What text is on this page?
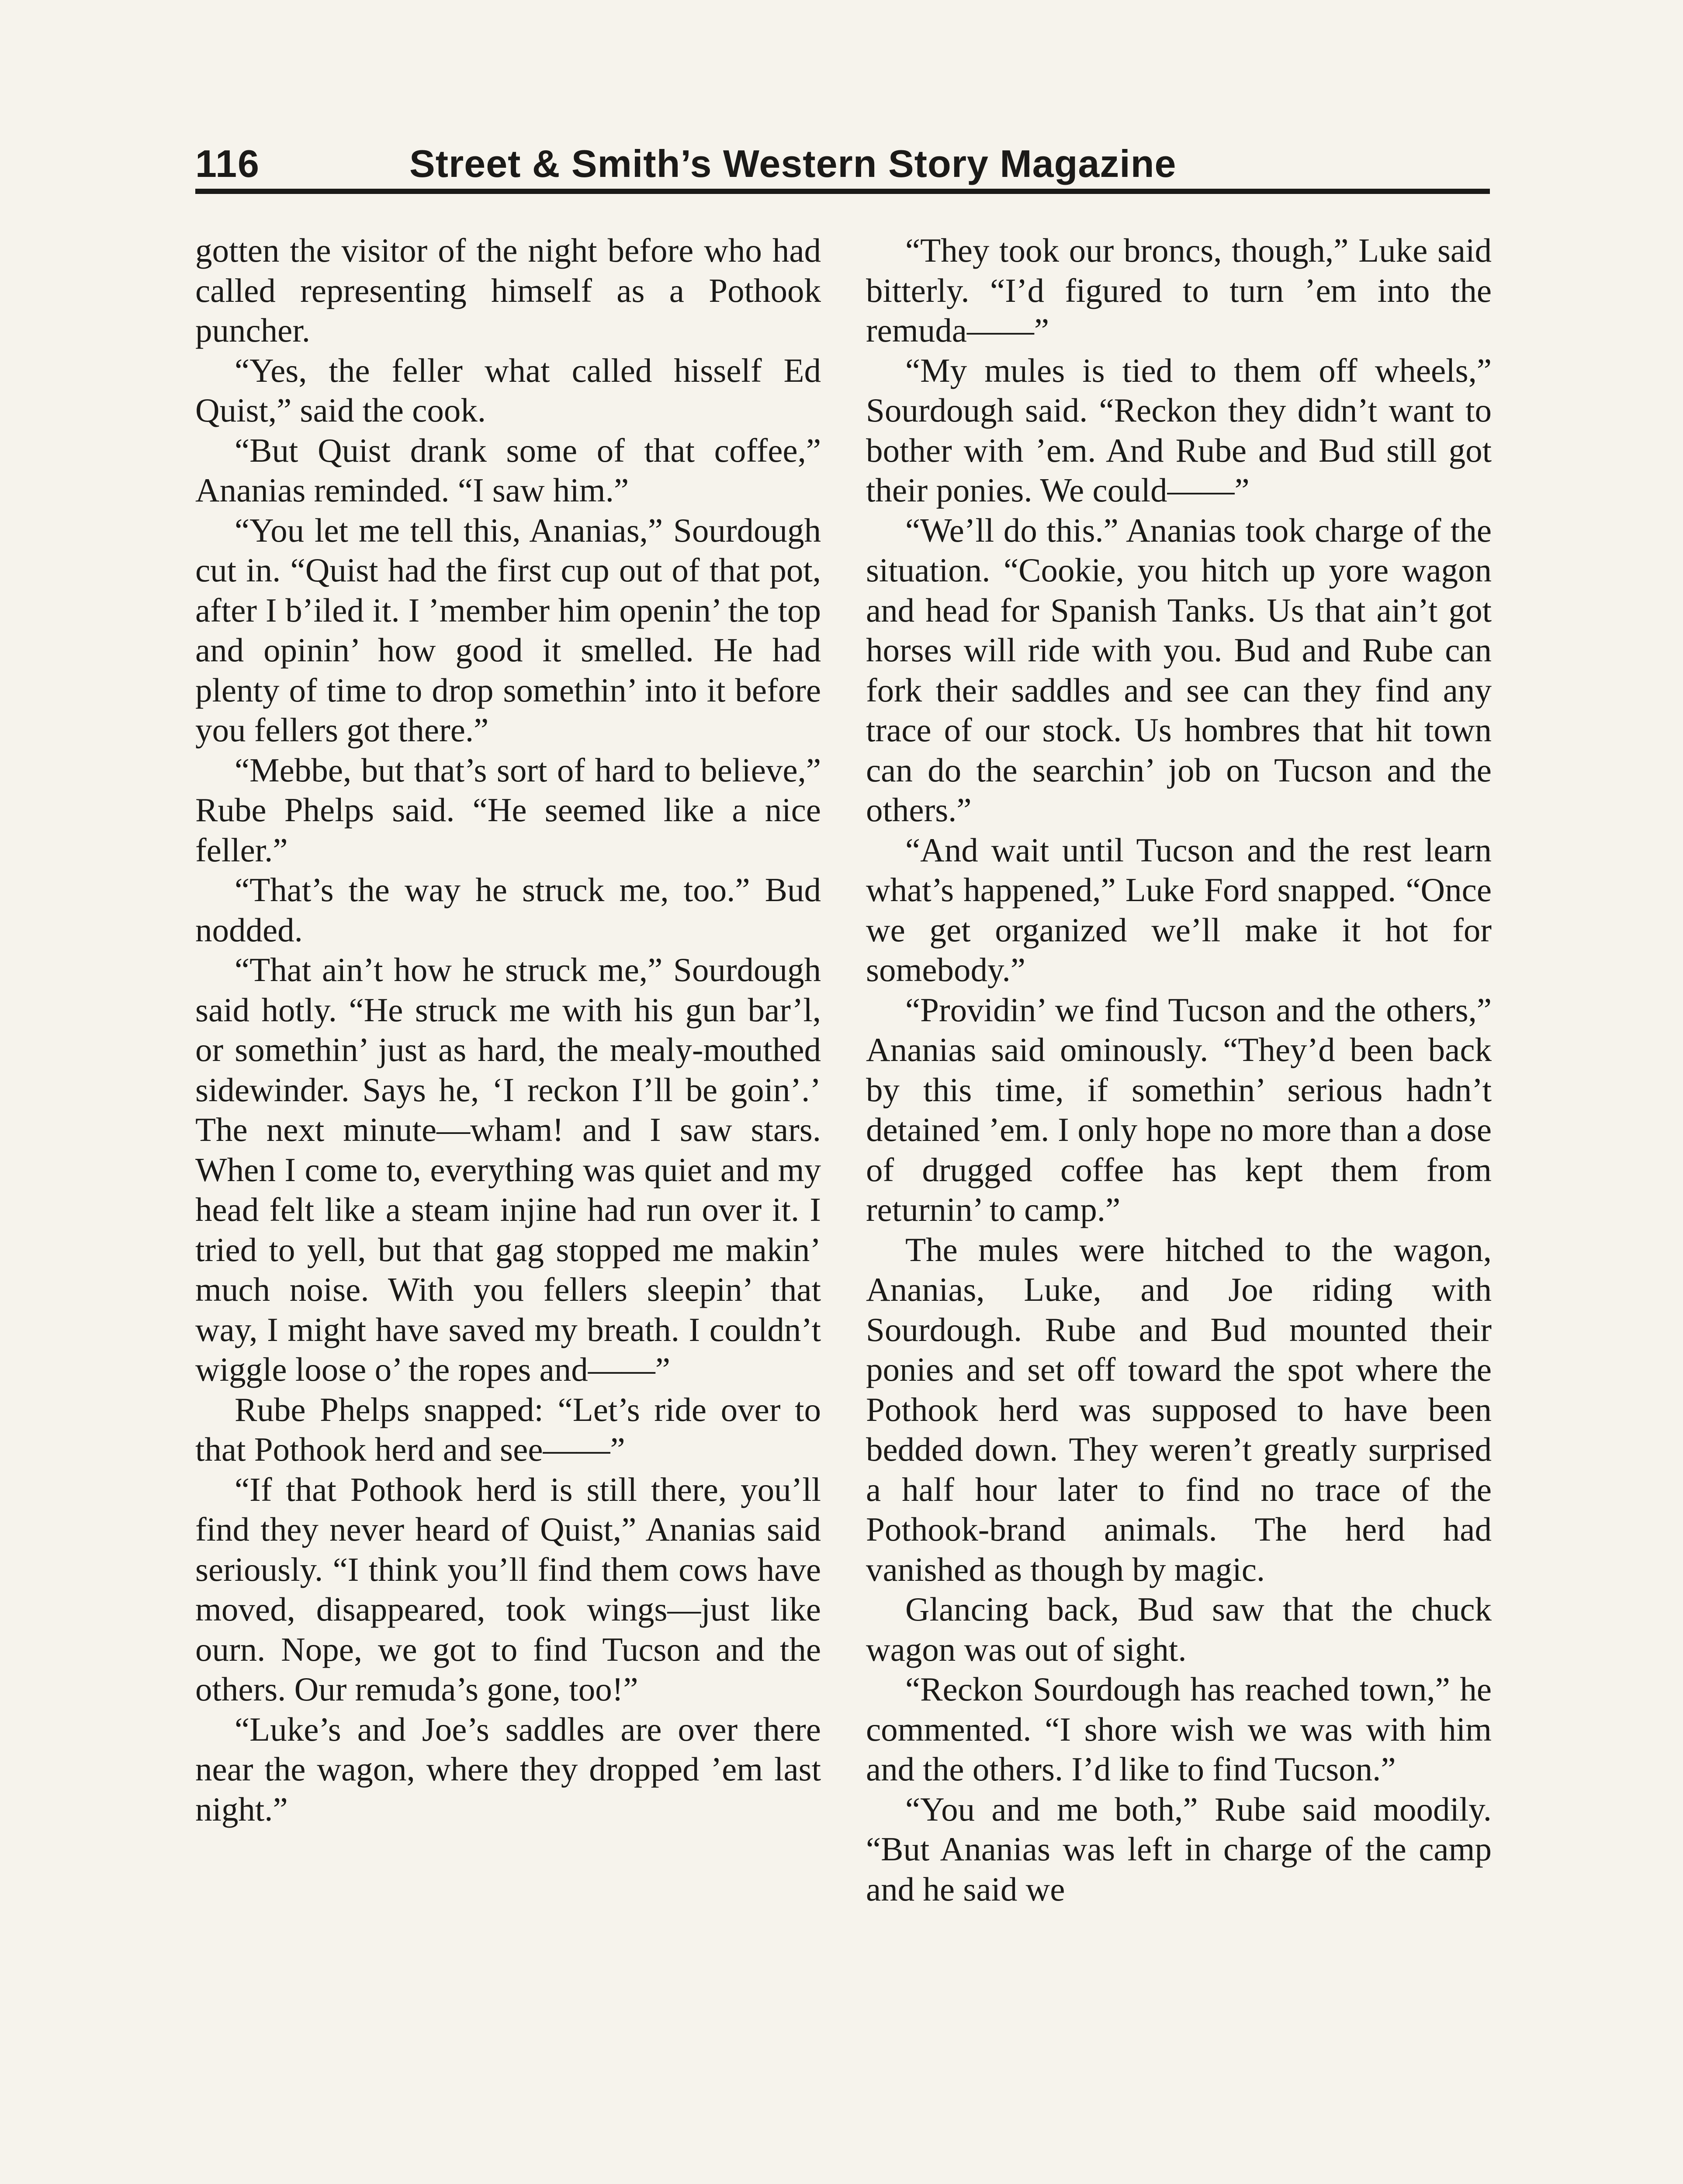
116	Street & Smith’s Western Story Magazine

gotten the visitor of the night before who had called representing himself as a Pothook puncher.

“Yes, the feller what called hisself Ed Quist,” said the cook.

“But Quist drank some of that coffee,” Ananias reminded. “I saw him.”

“You let me tell this, Ananias,” Sourdough cut in. “Quist had the first cup out of that pot, after I b’iled it. I ’member him openin’ the top and opinin’ how good it smelled. He had plenty of time to drop somethin’ into it before you fellers got there.”

“Mebbe, but that’s sort of hard to believe,” Rube Phelps said. “He seemed like a nice feller.”

“That’s the way he struck me, too.” Bud nodded.

“That ain’t how he struck me,” Sourdough said hotly. “He struck me with his gun bar’l, or somethin’ just as hard, the mealy-mouthed sidewinder. Says he, ‘I reckon I’ll be goin’.’ The next minute—wham! and I saw stars. When I come to, everything was quiet and my head felt like a steam injine had run over it. I tried to yell, but that gag stopped me makin’ much noise. With you fellers sleepin’ that way, I might have saved my breath. I couldn’t wiggle loose o’ the ropes and——”

Rube Phelps snapped: “Let’s ride over to that Pothook herd and see——”

“If that Pothook herd is still there, you’ll find they never heard of Quist,” Ananias said seriously. “I think you’ll find them cows have moved, disappeared, took wings—just like ourn. Nope, we got to find Tucson and the others. Our remuda’s gone, too!”

“Luke’s and Joe’s saddles are over there near the wagon, where they dropped ’em last night.”

“They took our broncs, though,” Luke said bitterly. “I’d figured to turn ’em into the remuda——”

“My mules is tied to them off wheels,” Sourdough said. “Reckon they didn’t want to bother with ’em. And Rube and Bud still got their ponies. We could——”

“We’ll do this.” Ananias took charge of the situation. “Cookie, you hitch up yore wagon and head for Spanish Tanks. Us that ain’t got horses will ride with you. Bud and Rube can fork their saddles and see can they find any trace of our stock. Us hombres that hit town can do the searchin’ job on Tucson and the others.”

“And wait until Tucson and the rest learn what’s happened,” Luke Ford snapped. “Once we get organized we’ll make it hot for somebody.”

“Providin’ we find Tucson and the others,” Ananias said ominously. “They’d been back by this time, if somethin’ serious hadn’t detained ’em. I only hope no more than a dose of drugged coffee has kept them from returnin’ to camp.”

The mules were hitched to the wagon, Ananias, Luke, and Joe riding with Sourdough. Rube and Bud mounted their ponies and set off toward the spot where the Pothook herd was supposed to have been bedded down. They weren’t greatly surprised a half hour later to find no trace of the Pothook-brand animals. The herd had vanished as though by magic.

Glancing back, Bud saw that the chuck wagon was out of sight.

“Reckon Sourdough has reached town,” he commented. “I shore wish we was with him and the others. I’d like to find Tucson.”

“You and me both,” Rube said moodily. “But Ananias was left in charge of the camp and he said we
